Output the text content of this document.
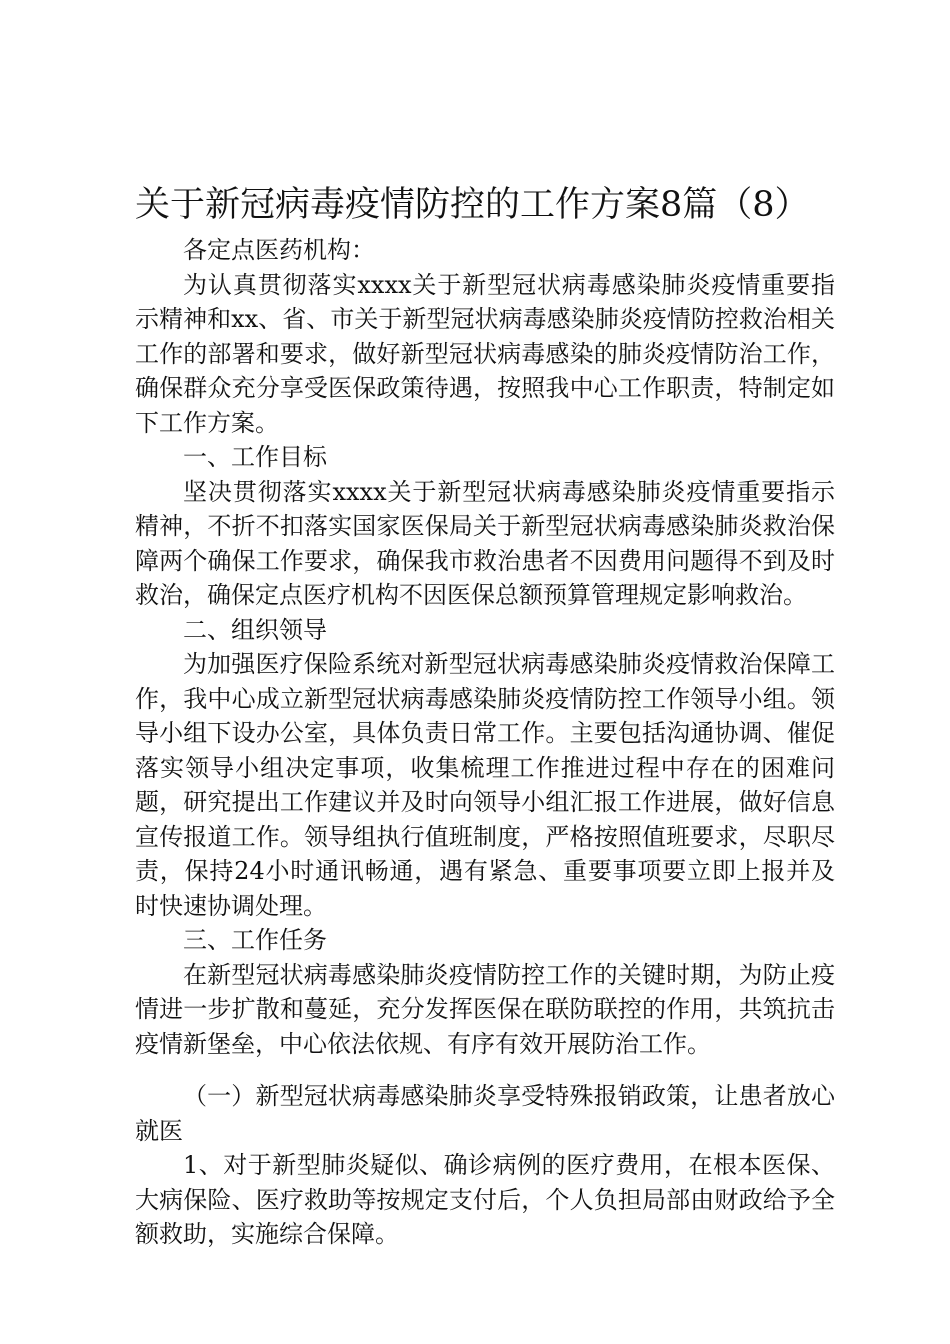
关于新冠病毒疫情防控的工作方案8篇（8）

各定点医药机构：

为认真贯彻落实xxxx关于新型冠状病毒感染肺炎疫情重要指示精神和xx、省、市关于新型冠状病毒感染肺炎疫情防控救治相关工作的部署和要求，做好新型冠状病毒感染的肺炎疫情防治工作，确保群众充分享受医保政策待遇，按照我中心工作职责，特制定如下工作方案。

一、工作目标

坚决贯彻落实xxxx关于新型冠状病毒感染肺炎疫情重要指示精神，不折不扣落实国家医保局关于新型冠状病毒感染肺炎救治保障两个确保工作要求，确保我市救治患者不因费用问题得不到及时救治，确保定点医疗机构不因医保总额预算管理规定影响救治。

二、组织领导

为加强医疗保险系统对新型冠状病毒感染肺炎疫情救治保障工作，我中心成立新型冠状病毒感染肺炎疫情防控工作领导小组。领导小组下设办公室，具体负责日常工作。主要包括沟通协调、催促落实领导小组决定事项，收集梳理工作推进过程中存在的困难问题，研究提出工作建议并及时向领导小组汇报工作进展，做好信息宣传报道工作。领导组执行值班制度，严格按照值班要求，尽职尽责，保持24小时通讯畅通，遇有紧急、重要事项要立即上报并及时快速协调处理。

三、工作任务

在新型冠状病毒感染肺炎疫情防控工作的关键时期，为防止疫情进一步扩散和蔓延，充分发挥医保在联防联控的作用，共筑抗击疫情新堡垒，中心依法依规、有序有效开展防治工作。

（一）新型冠状病毒感染肺炎享受特殊报销政策，让患者放心就医

1、对于新型肺炎疑似、确诊病例的医疗费用，在根本医保、大病保险、医疗救助等按规定支付后，个人负担局部由财政给予全额救助，实施综合保障。
